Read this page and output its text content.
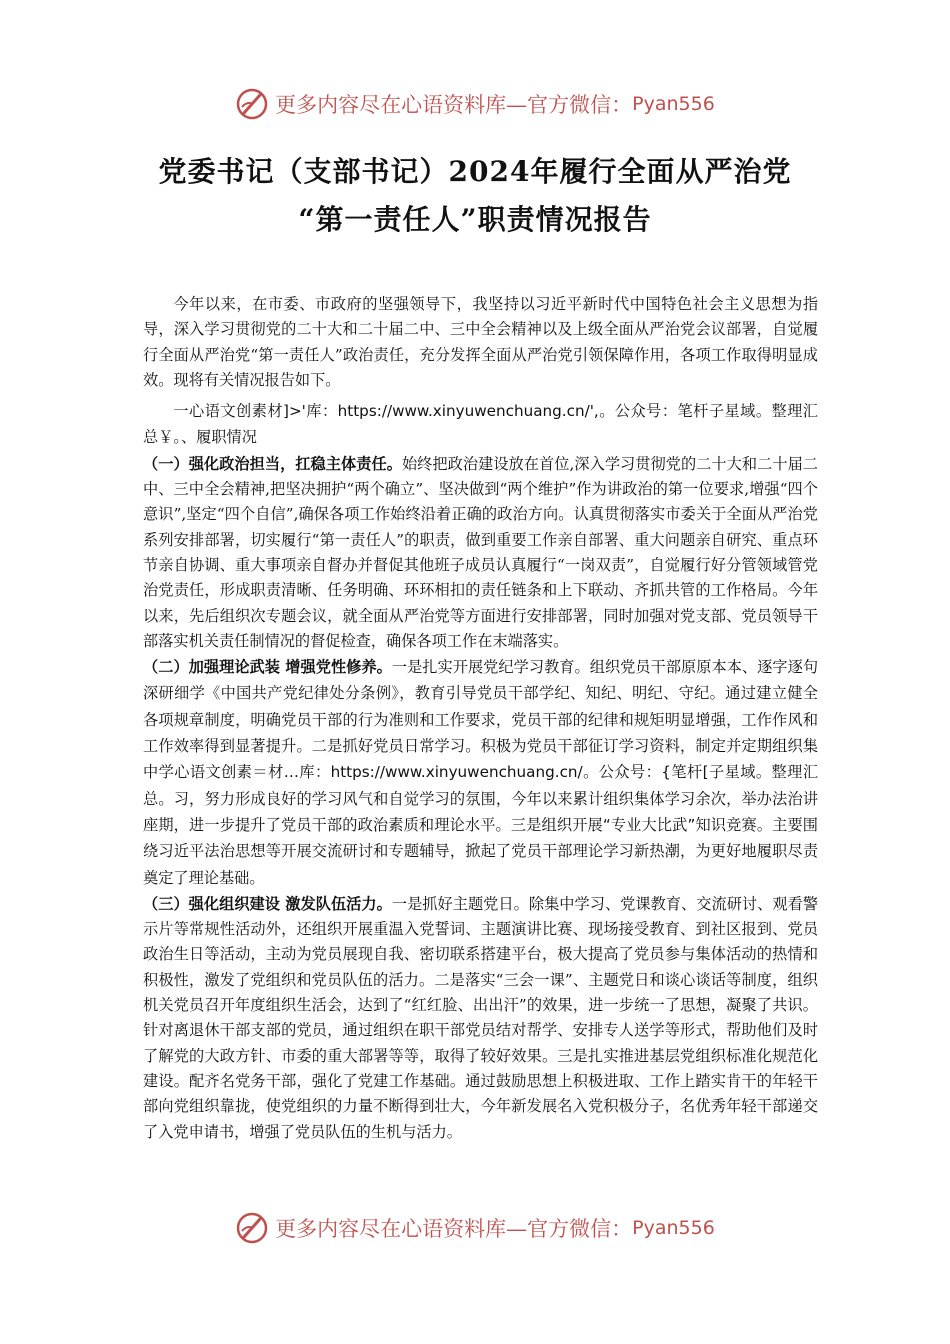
更多内容尽在心语资料库—官方微信： Pyan556
党委书记（支部书记）2024年履行全面从严治党
“第一责任人”职责情况报告

今年以来，在市委、市政府的坚强领导下，我坚持以习近平新时代中国特色社会主义思想为指导，深入学习贯彻党的二十大和二十届二中、三中全会精神以及上级全面从严治党会议部署，自觉履行全面从严治党“第一责任人”政治责任，充分发挥全面从严治党引领保障作用，各项工作取得明显成效。现将有关情况报告如下。

一心语文创素材]>'库：https://www.xinyuwenchuang.cn/',。公众号：笔杆子星域。整理汇总￥。、履职情况

（一）强化政治担当，扛稳主体责任。始终把政治建设放在首位,深入学习贯彻党的二十大和二十届二中、三中全会精神,把坚决拥护“两个确立”、坚决做到“两个维护”作为讲政治的第一位要求,增强“四个意识”,坚定“四个自信”,确保各项工作始终沿着正确的政治方向。认真贯彻落实市委关于全面从严治党系列安排部署，切实履行“第一责任人”的职责，做到重要工作亲自部署、重大问题亲自研究、重点环节亲自协调、重大事项亲自督办并督促其他班子成员认真履行“一岗双责”，自觉履行好分管领域管党治党责任，形成职责清晰、任务明确、环环相扣的责任链条和上下联动、齐抓共管的工作格局。今年以来，先后组织次专题会议，就全面从严治党等方面进行安排部署，同时加强对党支部、党员领导干部落实机关责任制情况的督促检查，确保各项工作在末端落实。

（二）加强理论武装 增强党性修养。一是扎实开展党纪学习教育。组织党员干部原原本本、逐字逐句深研细学《中国共产党纪律处分条例》，教育引导党员干部学纪、知纪、明纪、守纪。通过建立健全各项规章制度，明确党员干部的行为准则和工作要求，党员干部的纪律和规矩明显增强，工作作风和工作效率得到显著提升。二是抓好党员日常学习。积极为党员干部征订学习资料，制定并定期组织集中学心语文创素＝材…库：https://www.xinyuwenchuang.cn/。公众号：{笔杆[子星域。整理汇总。习，努力形成良好的学习风气和自觉学习的氛围，今年以来累计组织集体学习余次，举办法治讲座期，进一步提升了党员干部的政治素质和理论水平。三是组织开展“专业大比武”知识竞赛。主要围绕习近平法治思想等开展交流研讨和专题辅导，掀起了党员干部理论学习新热潮，为更好地履职尽责奠定了理论基础。

（三）强化组织建设 激发队伍活力。一是抓好主题党日。除集中学习、党课教育、交流研讨、观看警示片等常规性活动外，还组织开展重温入党誓词、主题演讲比赛、现场接受教育、到社区报到、党员政治生日等活动，主动为党员展现自我、密切联系搭建平台，极大提高了党员参与集体活动的热情和积极性，激发了党组织和党员队伍的活力。二是落实“三会一课”、主题党日和谈心谈话等制度，组织机关党员召开年度组织生活会，达到了“红红脸、出出汗”的效果，进一步统一了思想，凝聚了共识。针对离退休干部支部的党员，通过组织在职干部党员结对帮学、安排专人送学等形式，帮助他们及时了解党的大政方针、市委的重大部署等等，取得了较好效果。三是扎实推进基层党组织标准化规范化建设。配齐名党务干部，强化了党建工作基础。通过鼓励思想上积极进取、工作上踏实肯干的年轻干部向党组织靠拢，使党组织的力量不断得到壮大，今年新发展名入党积极分子，名优秀年轻干部递交了入党申请书，增强了党员队伍的生机与活力。

更多内容尽在心语资料库—官方微信： Pyan556
